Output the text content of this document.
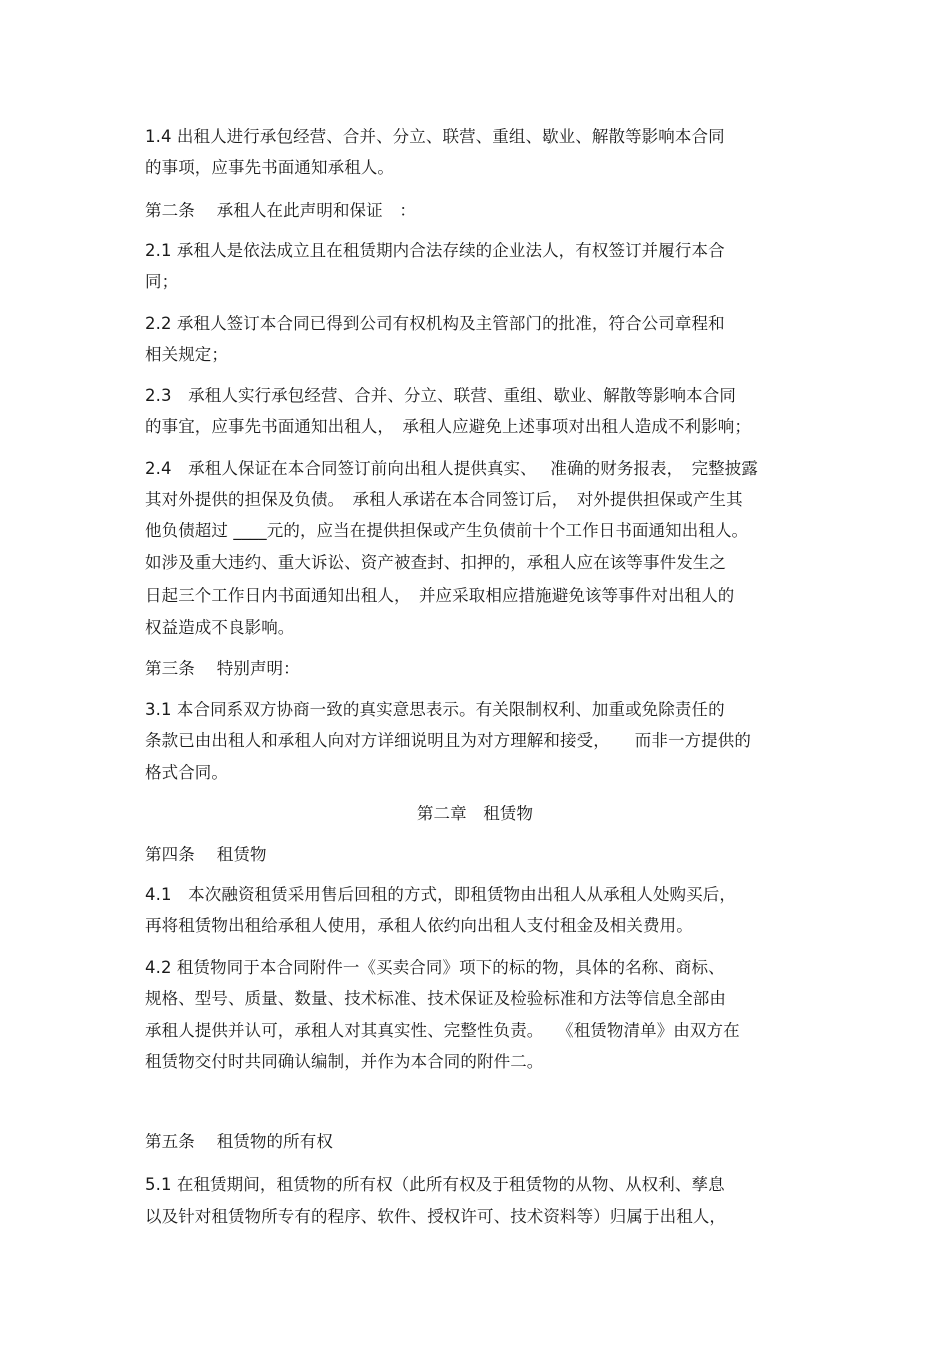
1.4 出租人进行承包经营、合并、分立、联营、重组、歇业、解散等影响本合同
的事项，应事先书面通知承租人。
第二条　 承租人在此声明和保证　：
2.1 承租人是依法成立且在租赁期内合法存续的企业法人，有权签订并履行本合
同；
2.2 承租人签订本合同已得到公司有权机构及主管部门的批准，符合公司章程和
相关规定；
2.3　承租人实行承包经营、合并、分立、联营、重组、歇业、解散等影响本合同
的事宜，应事先书面通知出租人，　承租人应避免上述事项对出租人造成不利影响；
2.4　承租人保证在本合同签订前向出租人提供真实、　 准确的财务报表，　完整披露
其对外提供的担保及负债。　承租人承诺在本合同签订后，　对外提供担保或产生其
他负债超过 ____元的，应当在提供担保或产生负债前十个工作日书面通知出租人。
如涉及重大违约、重大诉讼、资产被查封、扣押的，承租人应在该等事件发生之
日起三个工作日内书面通知出租人，　并应采取相应措施避免该等事件对出租人的
权益造成不良影响。
第三条　 特别声明：
3.1 本合同系双方协商一致的真实意思表示。有关限制权利、加重或免除责任的
条款已由出租人和承租人向对方详细说明且为对方理解和接受，　　而非一方提供的
格式合同。
第二章　租赁物
第四条　 租赁物
4.1　本次融资租赁采用售后回租的方式，即租赁物由出租人从承租人处购买后，
再将租赁物出租给承租人使用，承租人依约向出租人支付租金及相关费用。
4.2 租赁物同于本合同附件一《买卖合同》项下的标的物，具体的名称、商标、
规格、型号、质量、数量、技术标准、技术保证及检验标准和方法等信息全部由
承租人提供并认可，承租人对其真实性、完整性负责。　 《租赁物清单》由双方在
租赁物交付时共同确认编制，并作为本合同的附件二。
第五条　 租赁物的所有权
5.1 在租赁期间，租赁物的所有权（此所有权及于租赁物的从物、从权利、孳息
以及针对租赁物所专有的程序、软件、授权许可、技术资料等）归属于出租人，
